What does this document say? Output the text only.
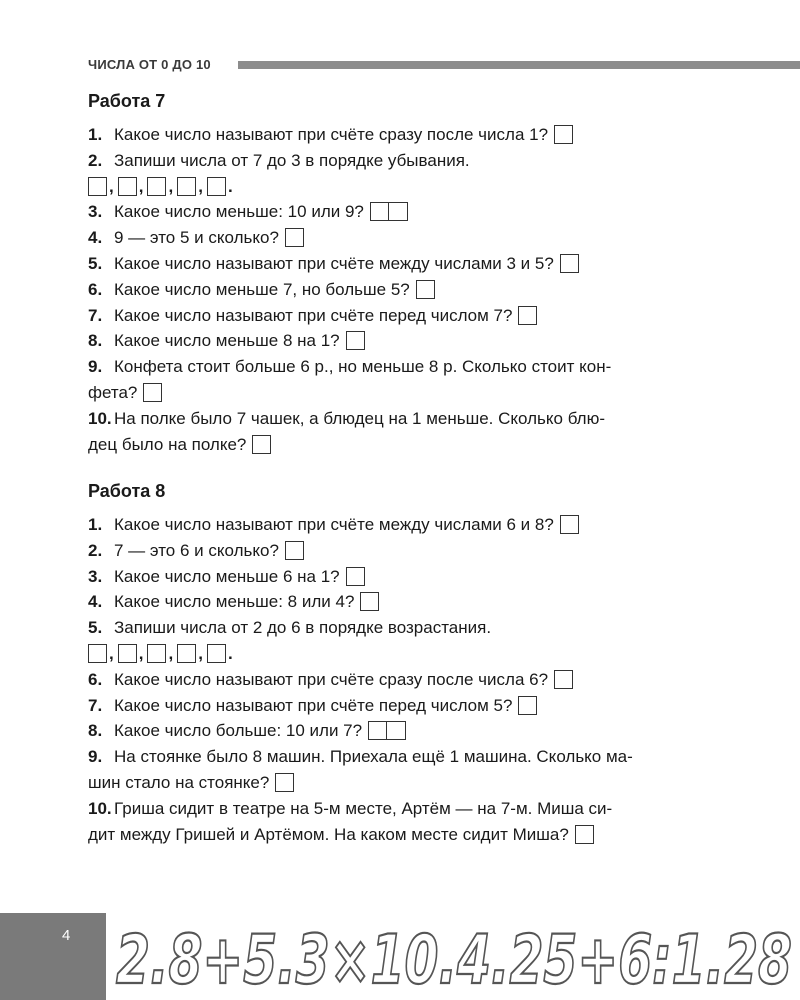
ЧИСЛА ОТ 0 ДО 10
Работа 7

1. Какое число называют при счёте сразу после числа 1?

2. Запиши числа от 7 до 3 в порядке убывания.

, , , , .

3. Какое число меньше: 10 или 9?

4. 9 — это 5 и сколько?

5. Какое число называют при счёте между числами 3 и 5?

6. Какое число меньше 7, но больше 5?

7. Какое число называют при счёте перед числом 7?

8. Какое число меньше 8 на 1?

9. Конфета стоит больше 6 р., но меньше 8 р. Сколько стоит кон-

фета?

10. На полке было 7 чашек, а блюдец на 1 меньше. Сколько блю-

дец было на полке?

Работа 8

1. Какое число называют при счёте между числами 6 и 8?

2. 7 — это 6 и сколько?

3. Какое число меньше 6 на 1?

4. Какое число меньше: 8 или 4?

5. Запиши числа от 2 до 6 в порядке возрастания.

, , , , .

6. Какое число называют при счёте сразу после числа 6?

7. Какое число называют при счёте перед числом 5?

8. Какое число больше: 10 или 7?

9. На стоянке было 8 машин. Приехала ещё 1 машина. Сколько ма-

шин стало на стоянке?

10. Гриша сидит в театре на 5-м месте, Артём — на 7-м. Миша си-

дит между Гришей и Артёмом. На каком месте сидит Миша?

4 2.8+5.3×10.4.25+6:1.28
